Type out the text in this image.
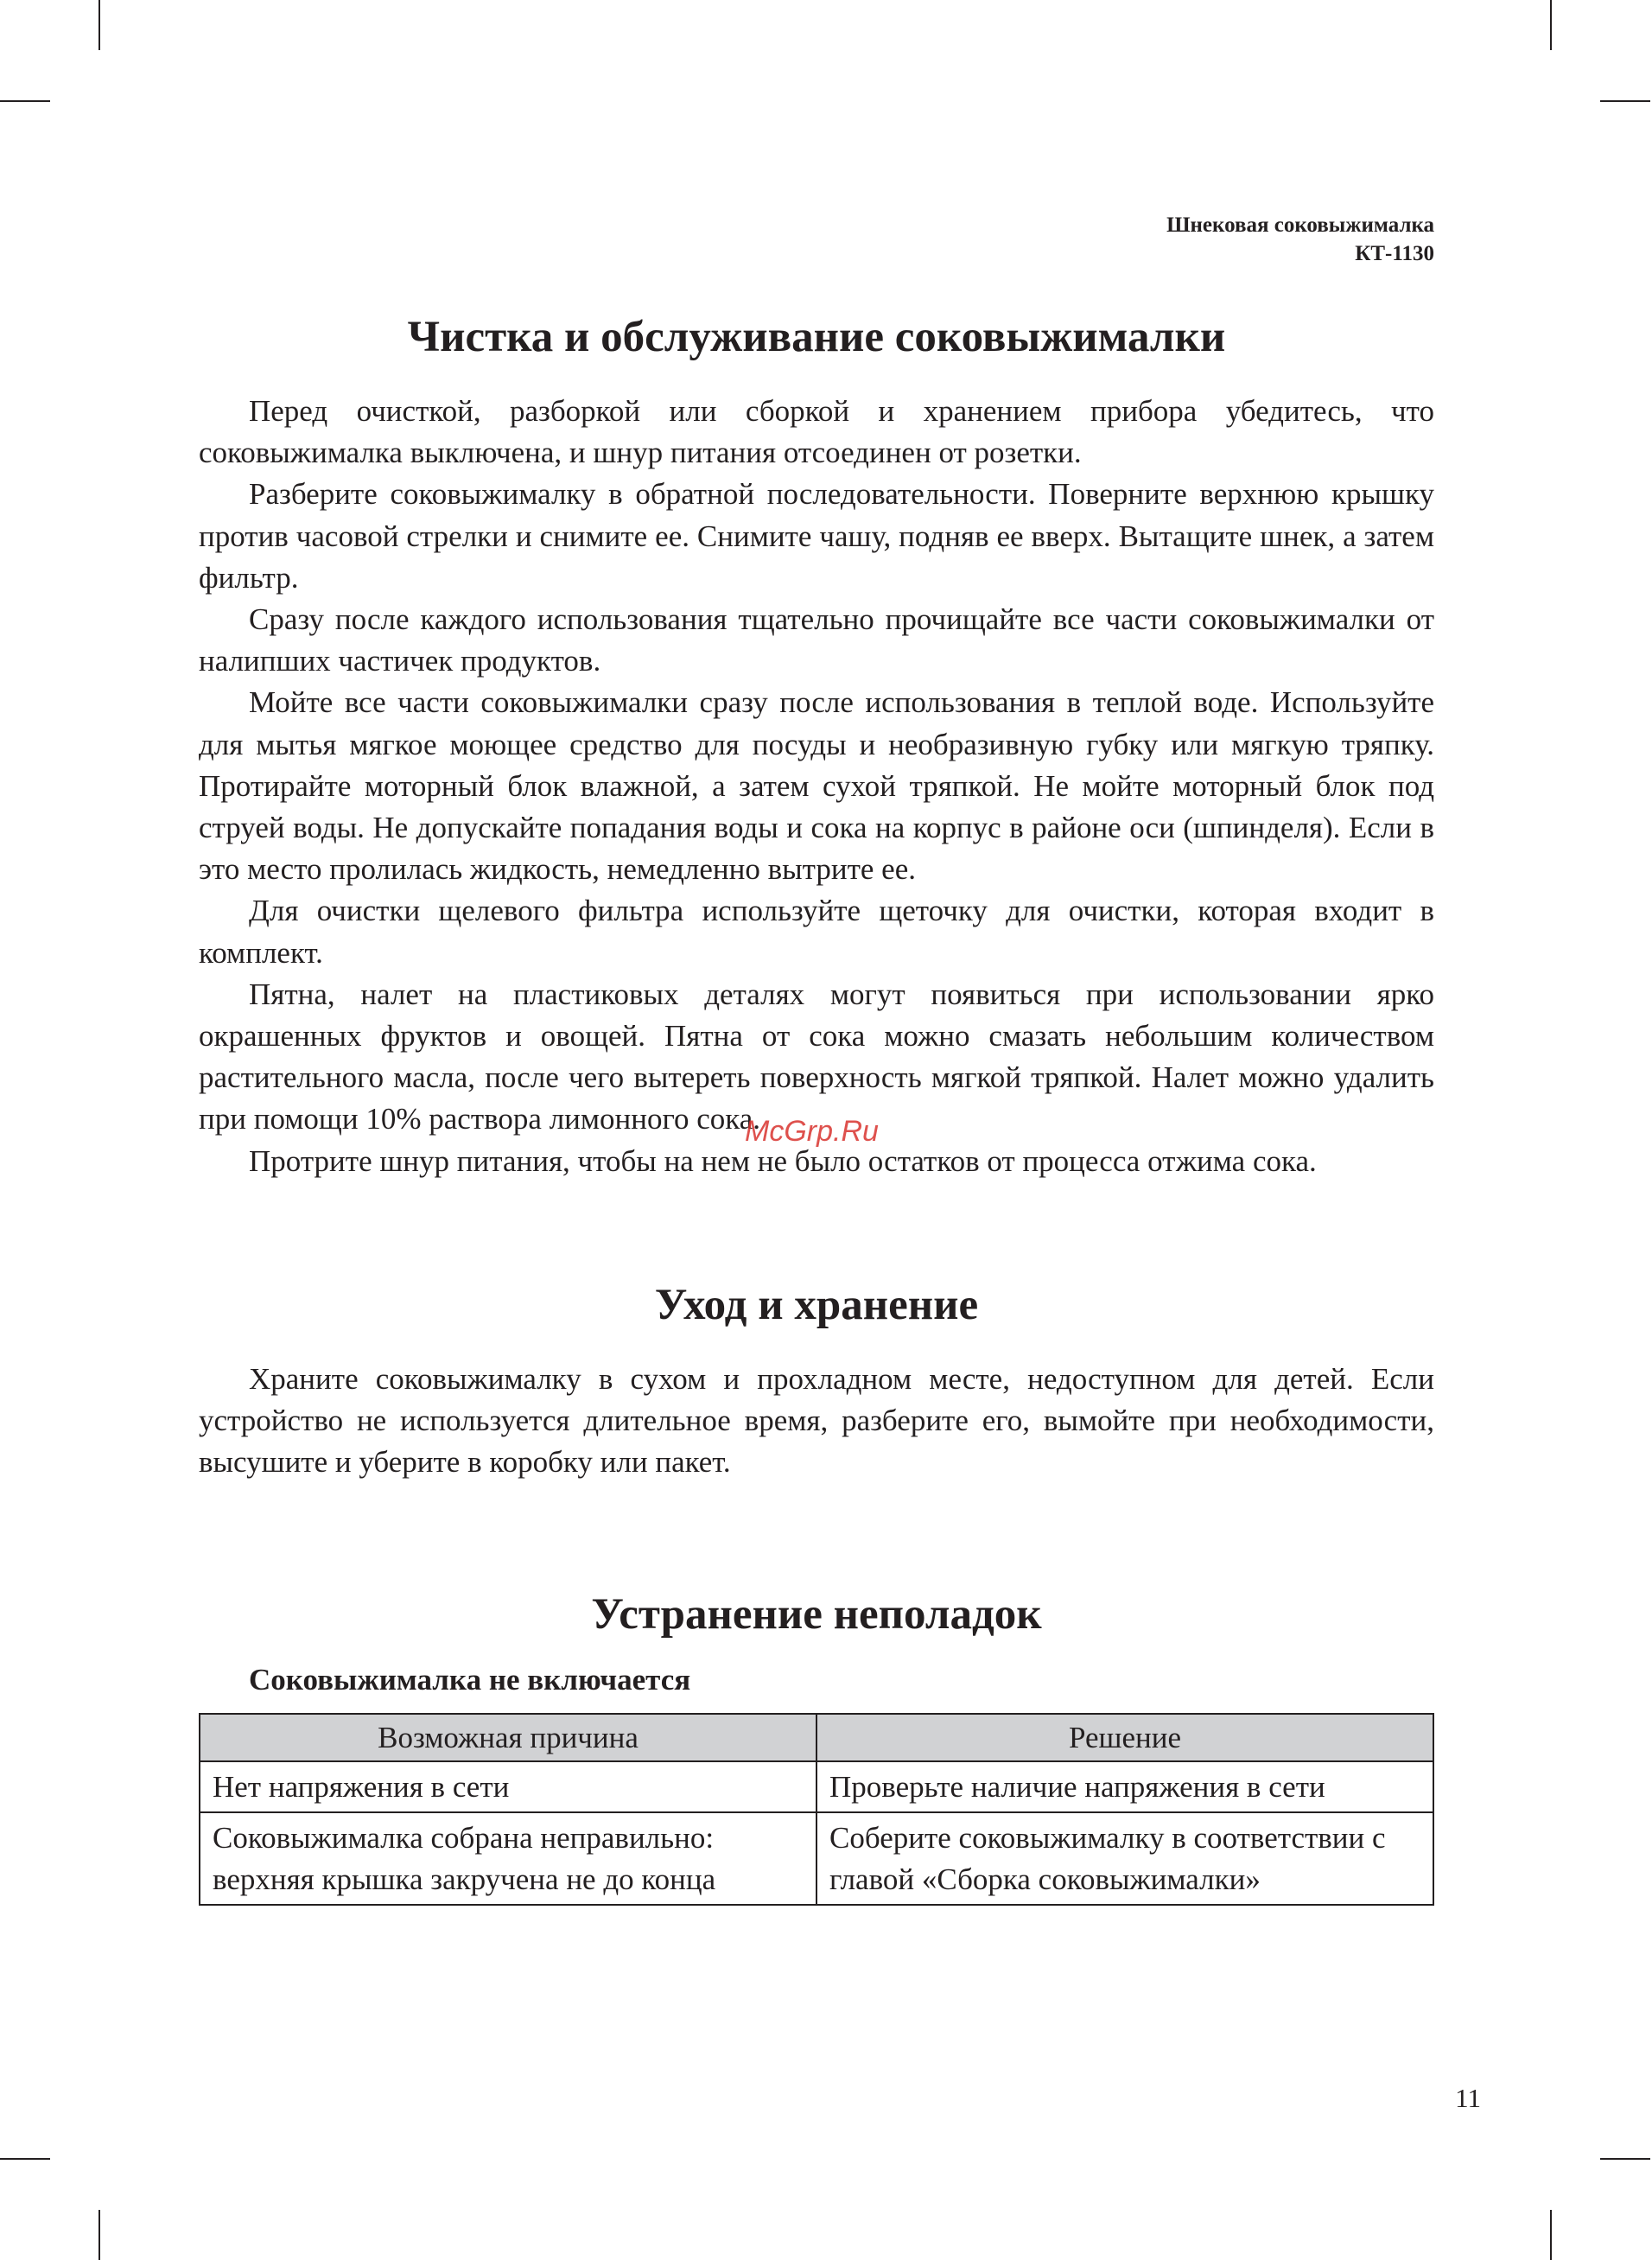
Шнековая соковыжималка
КТ-1130
Чистка и обслуживание соковыжималки

Перед очисткой, разборкой или сборкой и хранением прибора убедитесь, что соковыжималка выключена, и шнур питания отсоединен от розетки.

Разберите соковыжималку в обратной последовательности. Поверните верхнюю крышку против часовой стрелки и снимите ее. Снимите чашу, подняв ее вверх. Вытащите шнек, а затем фильтр.

Сразу после каждого использования тщательно прочищайте все части соковыжималки от налипших частичек продуктов.

Мойте все части соковыжималки сразу после использования в теплой воде. Используйте для мытья мягкое моющее средство для посуды и необразивную губку или мягкую тряпку. Протирайте моторный блок влажной, а затем сухой тряпкой. Не мойте моторный блок под струей воды. Не допускайте попадания воды и сока на корпус в районе оси (шпинделя). Если в это место пролилась жидкость, немедленно вытрите ее.

Для очистки щелевого фильтра используйте щеточку для очистки, которая входит в комплект.

Пятна, налет на пластиковых деталях могут появиться при использовании ярко окрашенных фруктов и овощей. Пятна от сока можно смазать небольшим количеством растительного масла, после чего вытереть поверхность мягкой тряпкой. Налет можно удалить при помощи 10% раствора лимонного сока.

Протрите шнур питания, чтобы на нем не было остатков от процесса отжима сока.

Уход и хранение

Храните соковыжималку в сухом и прохладном месте, недоступном для детей. Если устройство не используется длительное время, разберите его, вымойте при необходимости, высушите и уберите в коробку или пакет.

Устранение неполадок
Соковыжималка не включается
Возможная причина	Решение
Нет напряжения в сети	Проверьте наличие напряжения в сети
Соковыжималка собрана неправильно: верхняя крышка закручена не до конца	Соберите соковыжималку в соответствии с главой «Сборка соковыжималки»
McGrp.Ru
11
